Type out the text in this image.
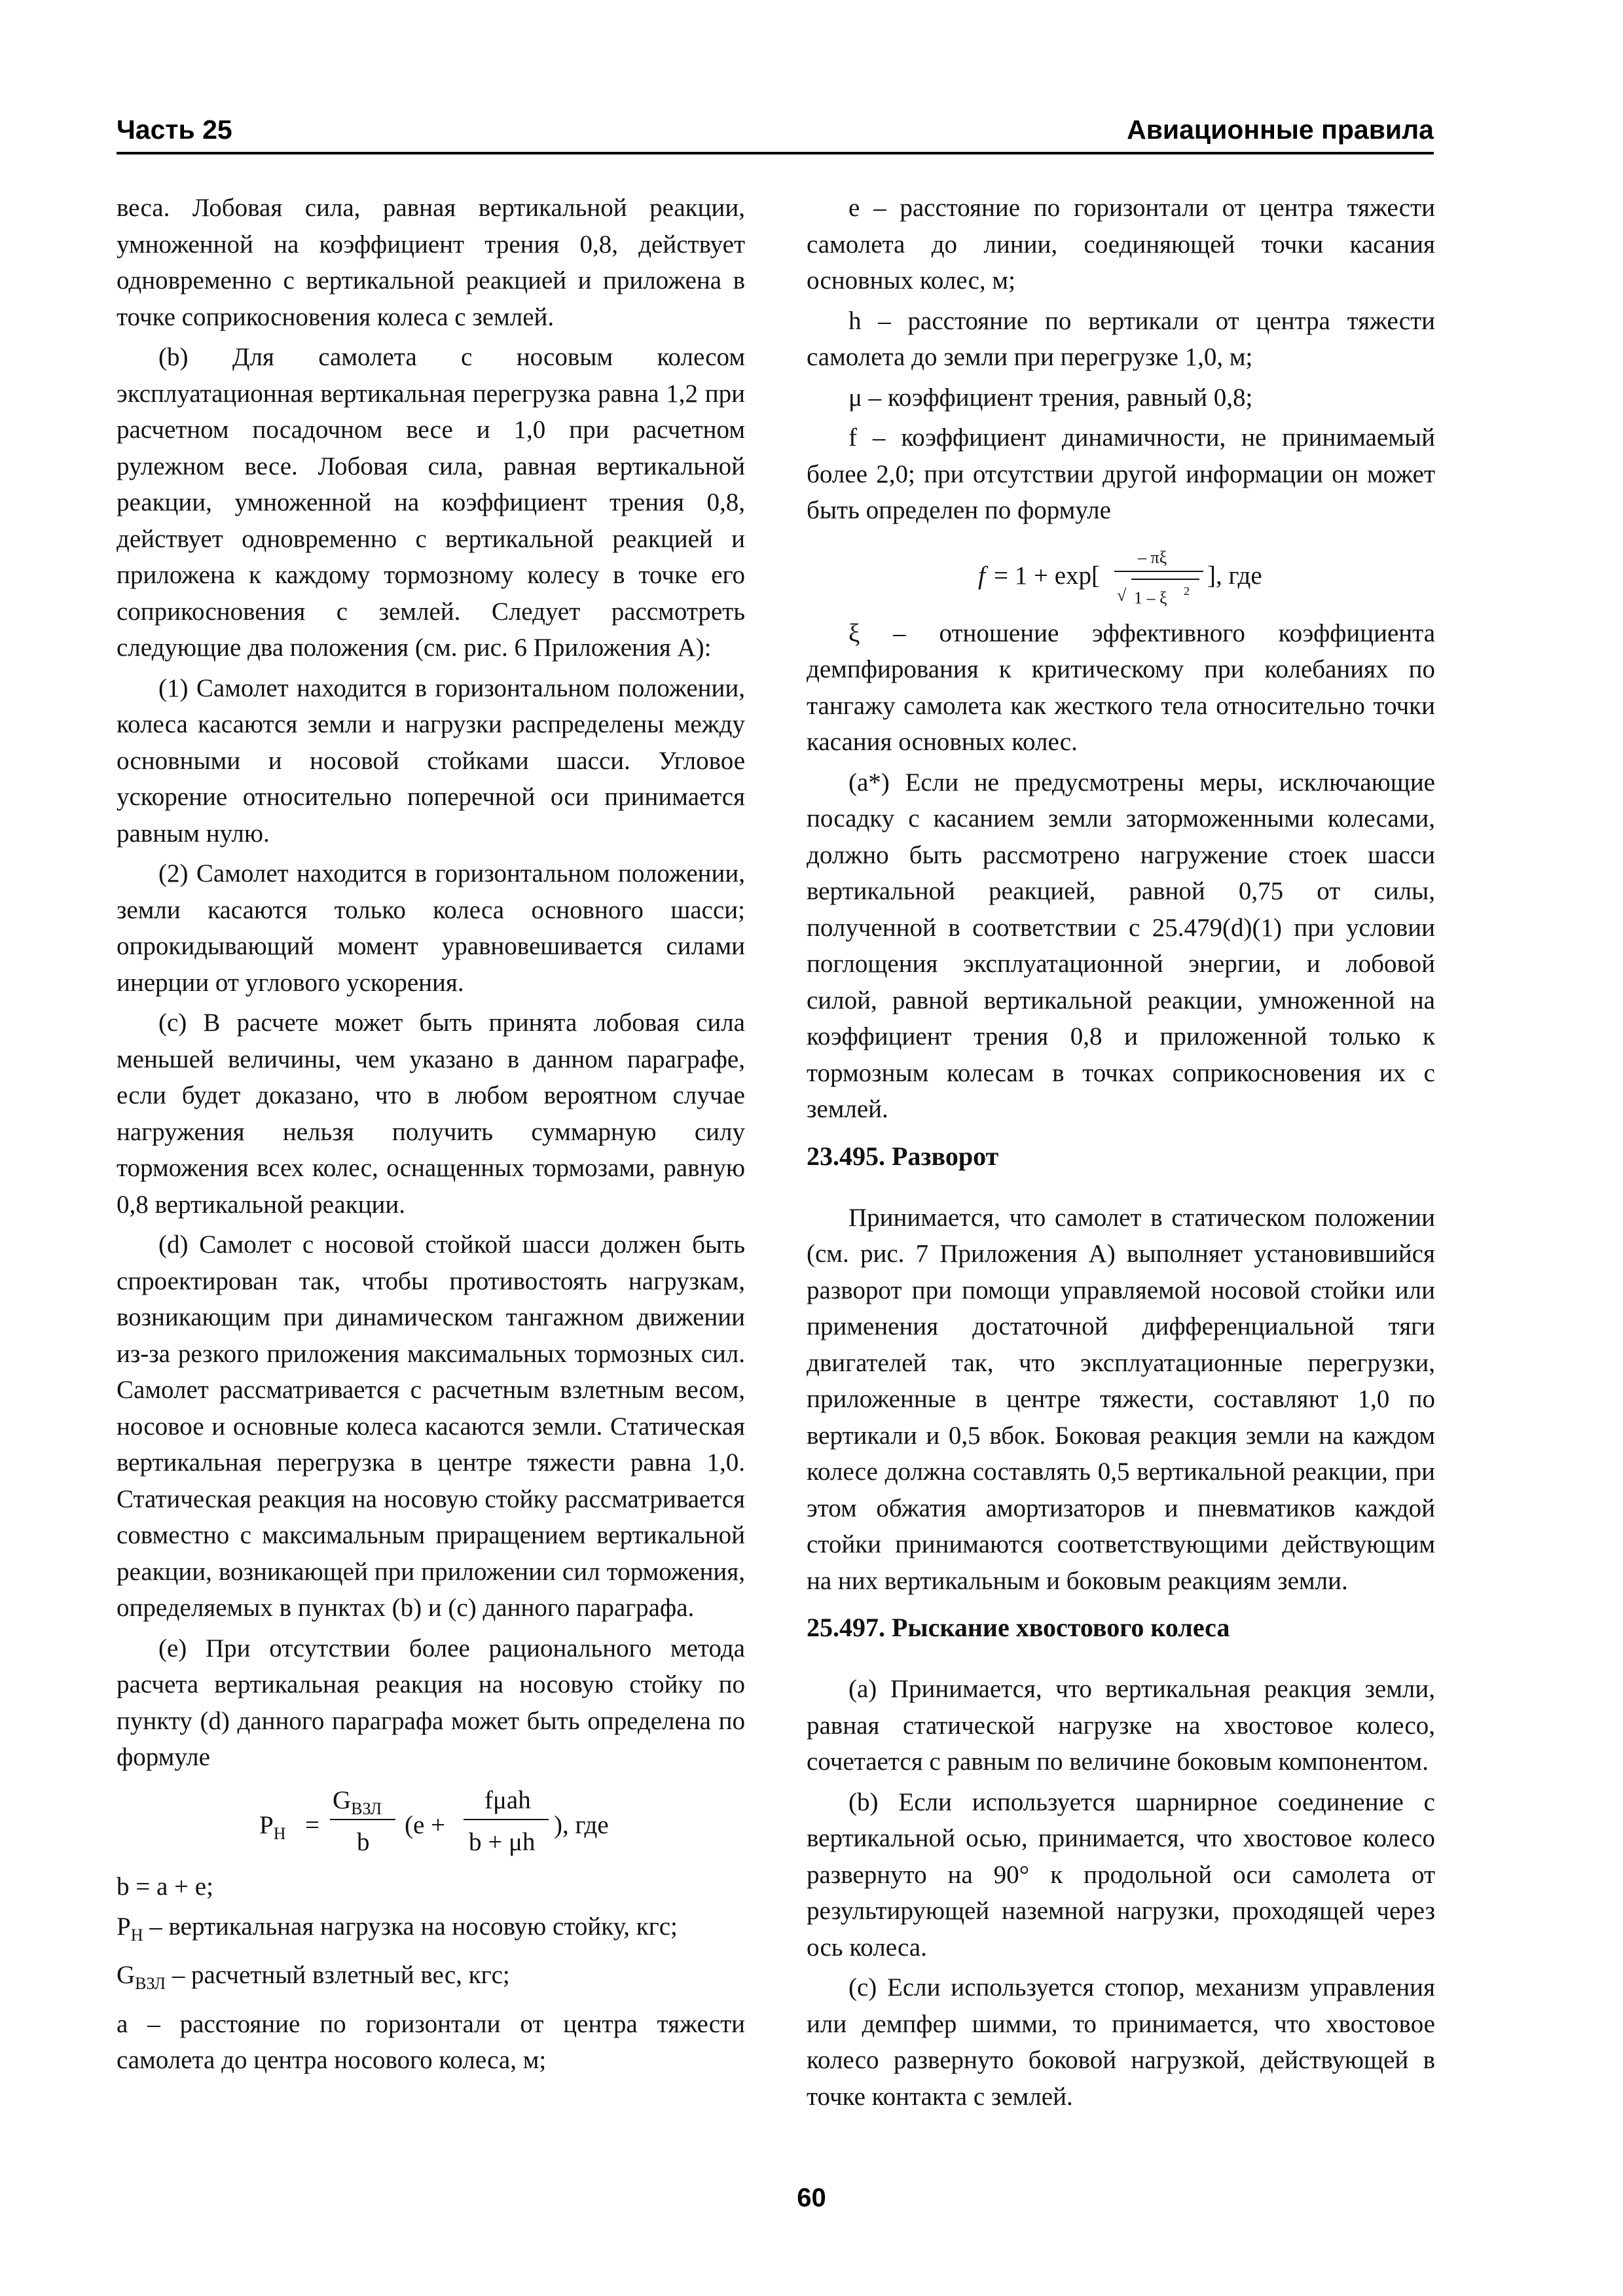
Часть 25	Авиационные правила

веса. Лобовая сила, равная вертикальной реакции, умноженной на коэффициент трения 0,8, действует одновременно с вертикальной реакцией и приложена в точке соприкосновения колеса с землей.

(b) Для самолета с носовым колесом эксплуатационная вертикальная перегрузка равна 1,2 при расчетном посадочном весе и 1,0 при расчетном рулежном весе. Лобовая сила, равная вертикальной реакции, умноженной на коэффициент трения 0,8, действует одновременно с вертикальной реакцией и приложена к каждому тормозному колесу в точке его соприкосновения с землей. Следует рассмотреть следующие два положения (см. рис. 6 Приложения А):

(1) Самолет находится в горизонтальном положении, колеса касаются земли и нагрузки распределены между основными и носовой стойками шасси. Угловое ускорение относительно поперечной оси принимается равным нулю.

(2) Самолет находится в горизонтальном положении, земли касаются только колеса основного шасси; опрокидывающий момент уравновешивается силами инерции от углового ускорения.

(c) В расчете может быть принята лобовая сила меньшей величины, чем указано в данном параграфе, если будет доказано, что в любом вероятном случае нагружения нельзя получить суммарную силу торможения всех колес, оснащенных тормозами, равную 0,8 вертикальной реакции.

(d) Самолет с носовой стойкой шасси должен быть спроектирован так, чтобы противостоять нагрузкам, возникающим при динамическом тангажном движении из-за резкого приложения максимальных тормозных сил. Самолет рассматривается с расчетным взлетным весом, носовое и основные колеса касаются земли. Статическая вертикальная перегрузка в центре тяжести равна 1,0. Статическая реакция на носовую стойку рассматривается совместно с максимальным приращением вертикальной реакции, возникающей при приложении сил торможения, определяемых в пунктах (b) и (c) данного параграфа.

(e) При отсутствии более рационального метода расчета вертикальная реакция на носовую стойку по пункту (d) данного параграфа может быть определена по формуле

$Р_Н$ =
$G_{ВЗЛ}$
b
(e +
fμah
b + μh
), где

b = a + e;

$Р_Н$ – вертикальная нагрузка на носовую стойку, кгс;

$G_{ВЗЛ}$ – расчетный взлетный вес, кгс;

a – расстояние по горизонтали от центра тяжести самолета до центра носового колеса, м;

e – расстояние по горизонтали от центра тяжести самолета до линии, соединяющей точки касания основных колес, м;

h – расстояние по вертикали от центра тяжести самолета до земли при перегрузке 1,0, м;

μ – коэффициент трения, равный 0,8;

f – коэффициент динамичности, не принимаемый более 2,0; при отсутствии другой информации он может быть определен по формуле

f = 1 + exp[
– πξ
√ 1 – ξ 2
], где

ξ – отношение эффективного коэффициента демпфирования к критическому при колебаниях по тангажу самолета как жесткого тела относительно точки касания основных колес.

(a*) Если не предусмотрены меры, исключающие посадку с касанием земли заторможенными колесами, должно быть рассмотрено нагружение стоек шасси вертикальной реакцией, равной 0,75 от силы, полученной в соответствии с 25.479(d)(1) при условии поглощения эксплуатационной энергии, и лобовой силой, равной вертикальной реакции, умноженной на коэффициент трения 0,8 и приложенной только к тормозным колесам в точках соприкосновения их с землей.

23.495. Разворот

Принимается, что самолет в статическом положении (см. рис. 7 Приложения А) выполняет установившийся разворот при помощи управляемой носовой стойки или применения достаточной дифференциальной тяги двигателей так, что эксплуатационные перегрузки, приложенные в центре тяжести, составляют 1,0 по вертикали и 0,5 вбок. Боковая реакция земли на каждом колесе должна составлять 0,5 вертикальной реакции, при этом обжатия амортизаторов и пневматиков каждой стойки принимаются соответствующими действующим на них вертикальным и боковым реакциям земли.

25.497. Рыскание хвостового колеса

(a) Принимается, что вертикальная реакция земли, равная статической нагрузке на хвостовое колесо, сочетается с равным по величине боковым компонентом.

(b) Если используется шарнирное соединение с вертикальной осью, принимается, что хвостовое колесо развернуто на 90° к продольной оси самолета от результирующей наземной нагрузки, проходящей через ось колеса.

(c) Если используется стопор, механизм управления или демпфер шимми, то принимается, что хвостовое колесо развернуто боковой нагрузкой, действующей в точке контакта с землей.

60
